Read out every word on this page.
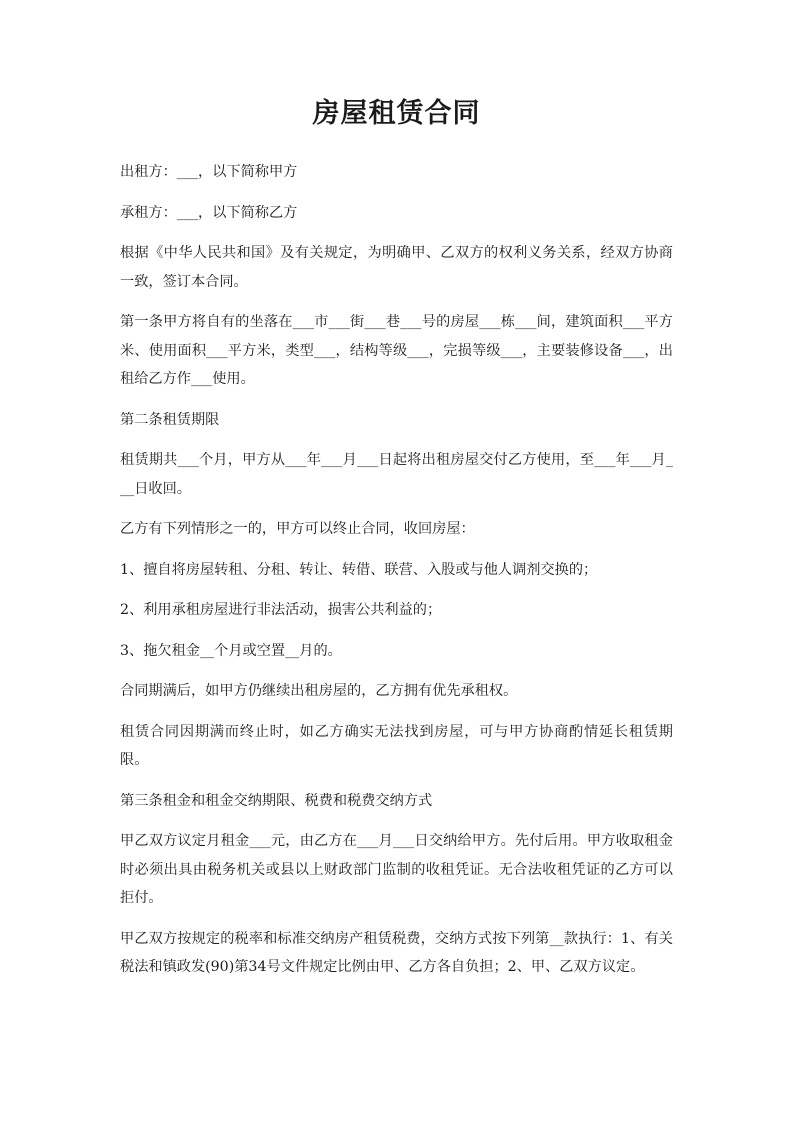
房屋租赁合同

出租方：___，以下简称甲方

承租方：___，以下简称乙方

根据《中华人民共和国》及有关规定，为明确甲、乙双方的权利义务关系，经双方协商一致，签订本合同。

第一条甲方将自有的坐落在___市___街___巷___号的房屋___栋___间，建筑面积___平方米、使用面积___平方米，类型___，结构等级___，完损等级___，主要装修设备___，出租给乙方作___使用。

第二条租赁期限

租赁期共___个月，甲方从___年___月___日起将出租房屋交付乙方使用，至___年___月___日收回。

乙方有下列情形之一的，甲方可以终止合同，收回房屋：

1、擅自将房屋转租、分租、转让、转借、联营、入股或与他人调剂交换的；

2、利用承租房屋进行非法活动，损害公共利益的；

3、拖欠租金__个月或空置__月的。

合同期满后，如甲方仍继续出租房屋的，乙方拥有优先承租权。

租赁合同因期满而终止时，如乙方确实无法找到房屋，可与甲方协商酌情延长租赁期限。

第三条租金和租金交纳期限、税费和税费交纳方式

甲乙双方议定月租金___元，由乙方在___月___日交纳给甲方。先付后用。甲方收取租金时必须出具由税务机关或县以上财政部门监制的收租凭证。无合法收租凭证的乙方可以拒付。

甲乙双方按规定的税率和标准交纳房产租赁税费，交纳方式按下列第__款执行：1、有关税法和镇政发(90)第34号文件规定比例由甲、乙方各自负担；2、甲、乙双方议定。
